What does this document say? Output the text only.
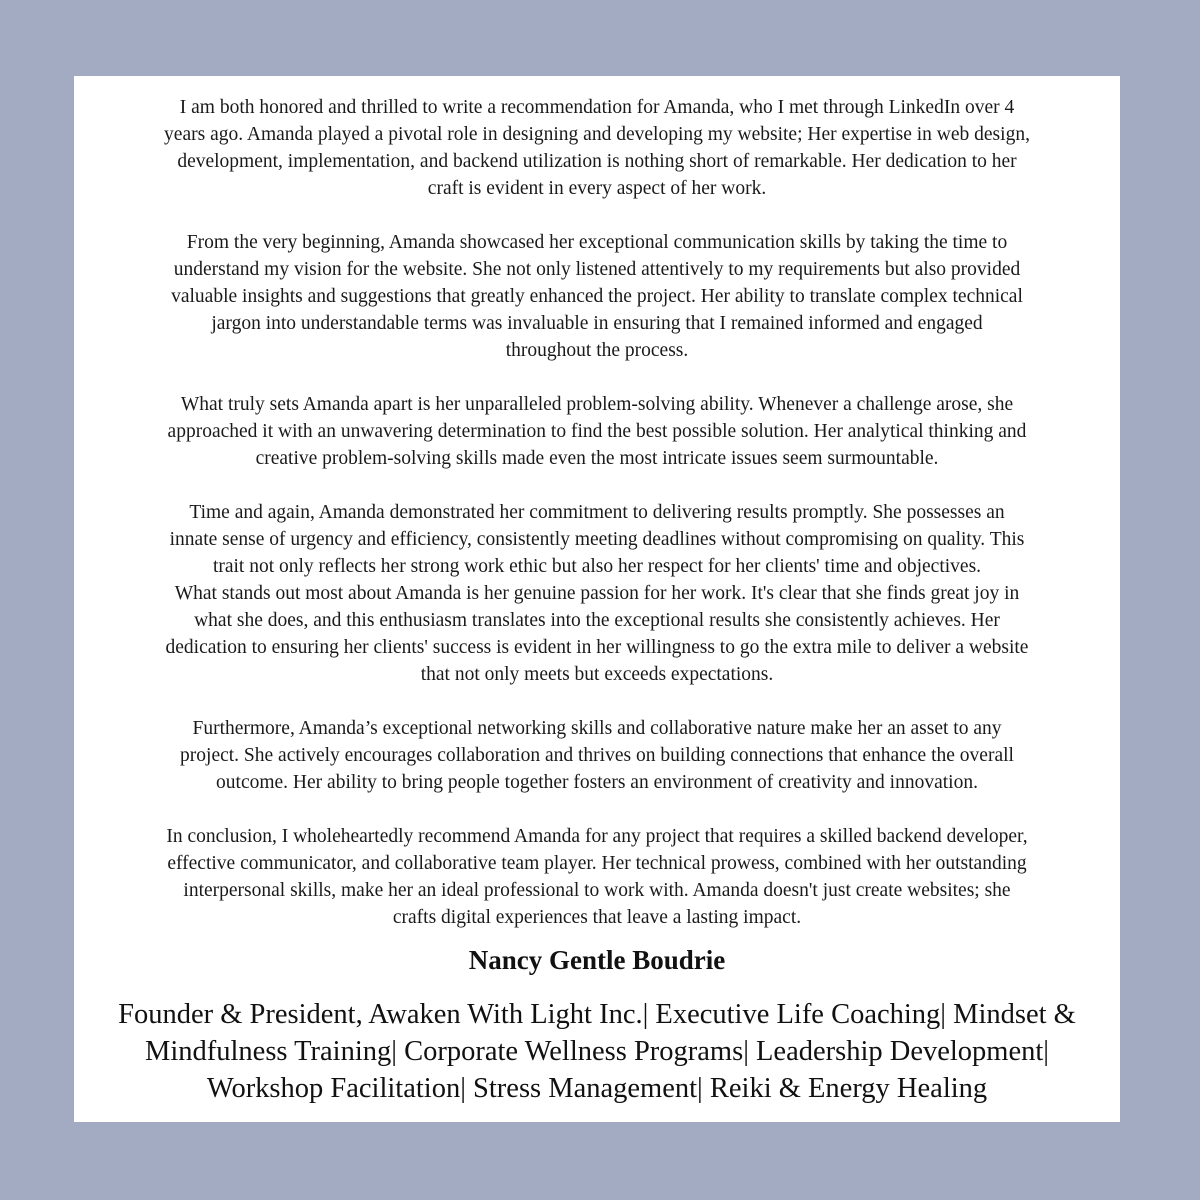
I am both honored and thrilled to write a recommendation for Amanda, who I met through LinkedIn over 4
years ago. Amanda played a pivotal role in designing and developing my website; Her expertise in web design,
development, implementation, and backend utilization is nothing short of remarkable. Her dedication to her
craft is evident in every aspect of her work.
From the very beginning, Amanda showcased her exceptional communication skills by taking the time to
understand my vision for the website. She not only listened attentively to my requirements but also provided
valuable insights and suggestions that greatly enhanced the project. Her ability to translate complex technical
jargon into understandable terms was invaluable in ensuring that I remained informed and engaged
throughout the process.
What truly sets Amanda apart is her unparalleled problem-solving ability. Whenever a challenge arose, she
approached it with an unwavering determination to find the best possible solution. Her analytical thinking and
creative problem-solving skills made even the most intricate issues seem surmountable.
Time and again, Amanda demonstrated her commitment to delivering results promptly. She possesses an
innate sense of urgency and efficiency, consistently meeting deadlines without compromising on quality. This
trait not only reflects her strong work ethic but also her respect for her clients' time and objectives.
What stands out most about Amanda is her genuine passion for her work. It's clear that she finds great joy in
what she does, and this enthusiasm translates into the exceptional results she consistently achieves. Her
dedication to ensuring her clients' success is evident in her willingness to go the extra mile to deliver a website
that not only meets but exceeds expectations.
Furthermore, Amanda’s exceptional networking skills and collaborative nature make her an asset to any
project. She actively encourages collaboration and thrives on building connections that enhance the overall
outcome. Her ability to bring people together fosters an environment of creativity and innovation.
In conclusion, I wholeheartedly recommend Amanda for any project that requires a skilled backend developer,
effective communicator, and collaborative team player. Her technical prowess, combined with her outstanding
interpersonal skills, make her an ideal professional to work with. Amanda doesn't just create websites; she
crafts digital experiences that leave a lasting impact.
Nancy Gentle Boudrie
Founder & President, Awaken With Light Inc.| Executive Life Coaching| Mindset &
Mindfulness Training| Corporate Wellness Programs| Leadership Development|
Workshop Facilitation| Stress Management| Reiki & Energy Healing
